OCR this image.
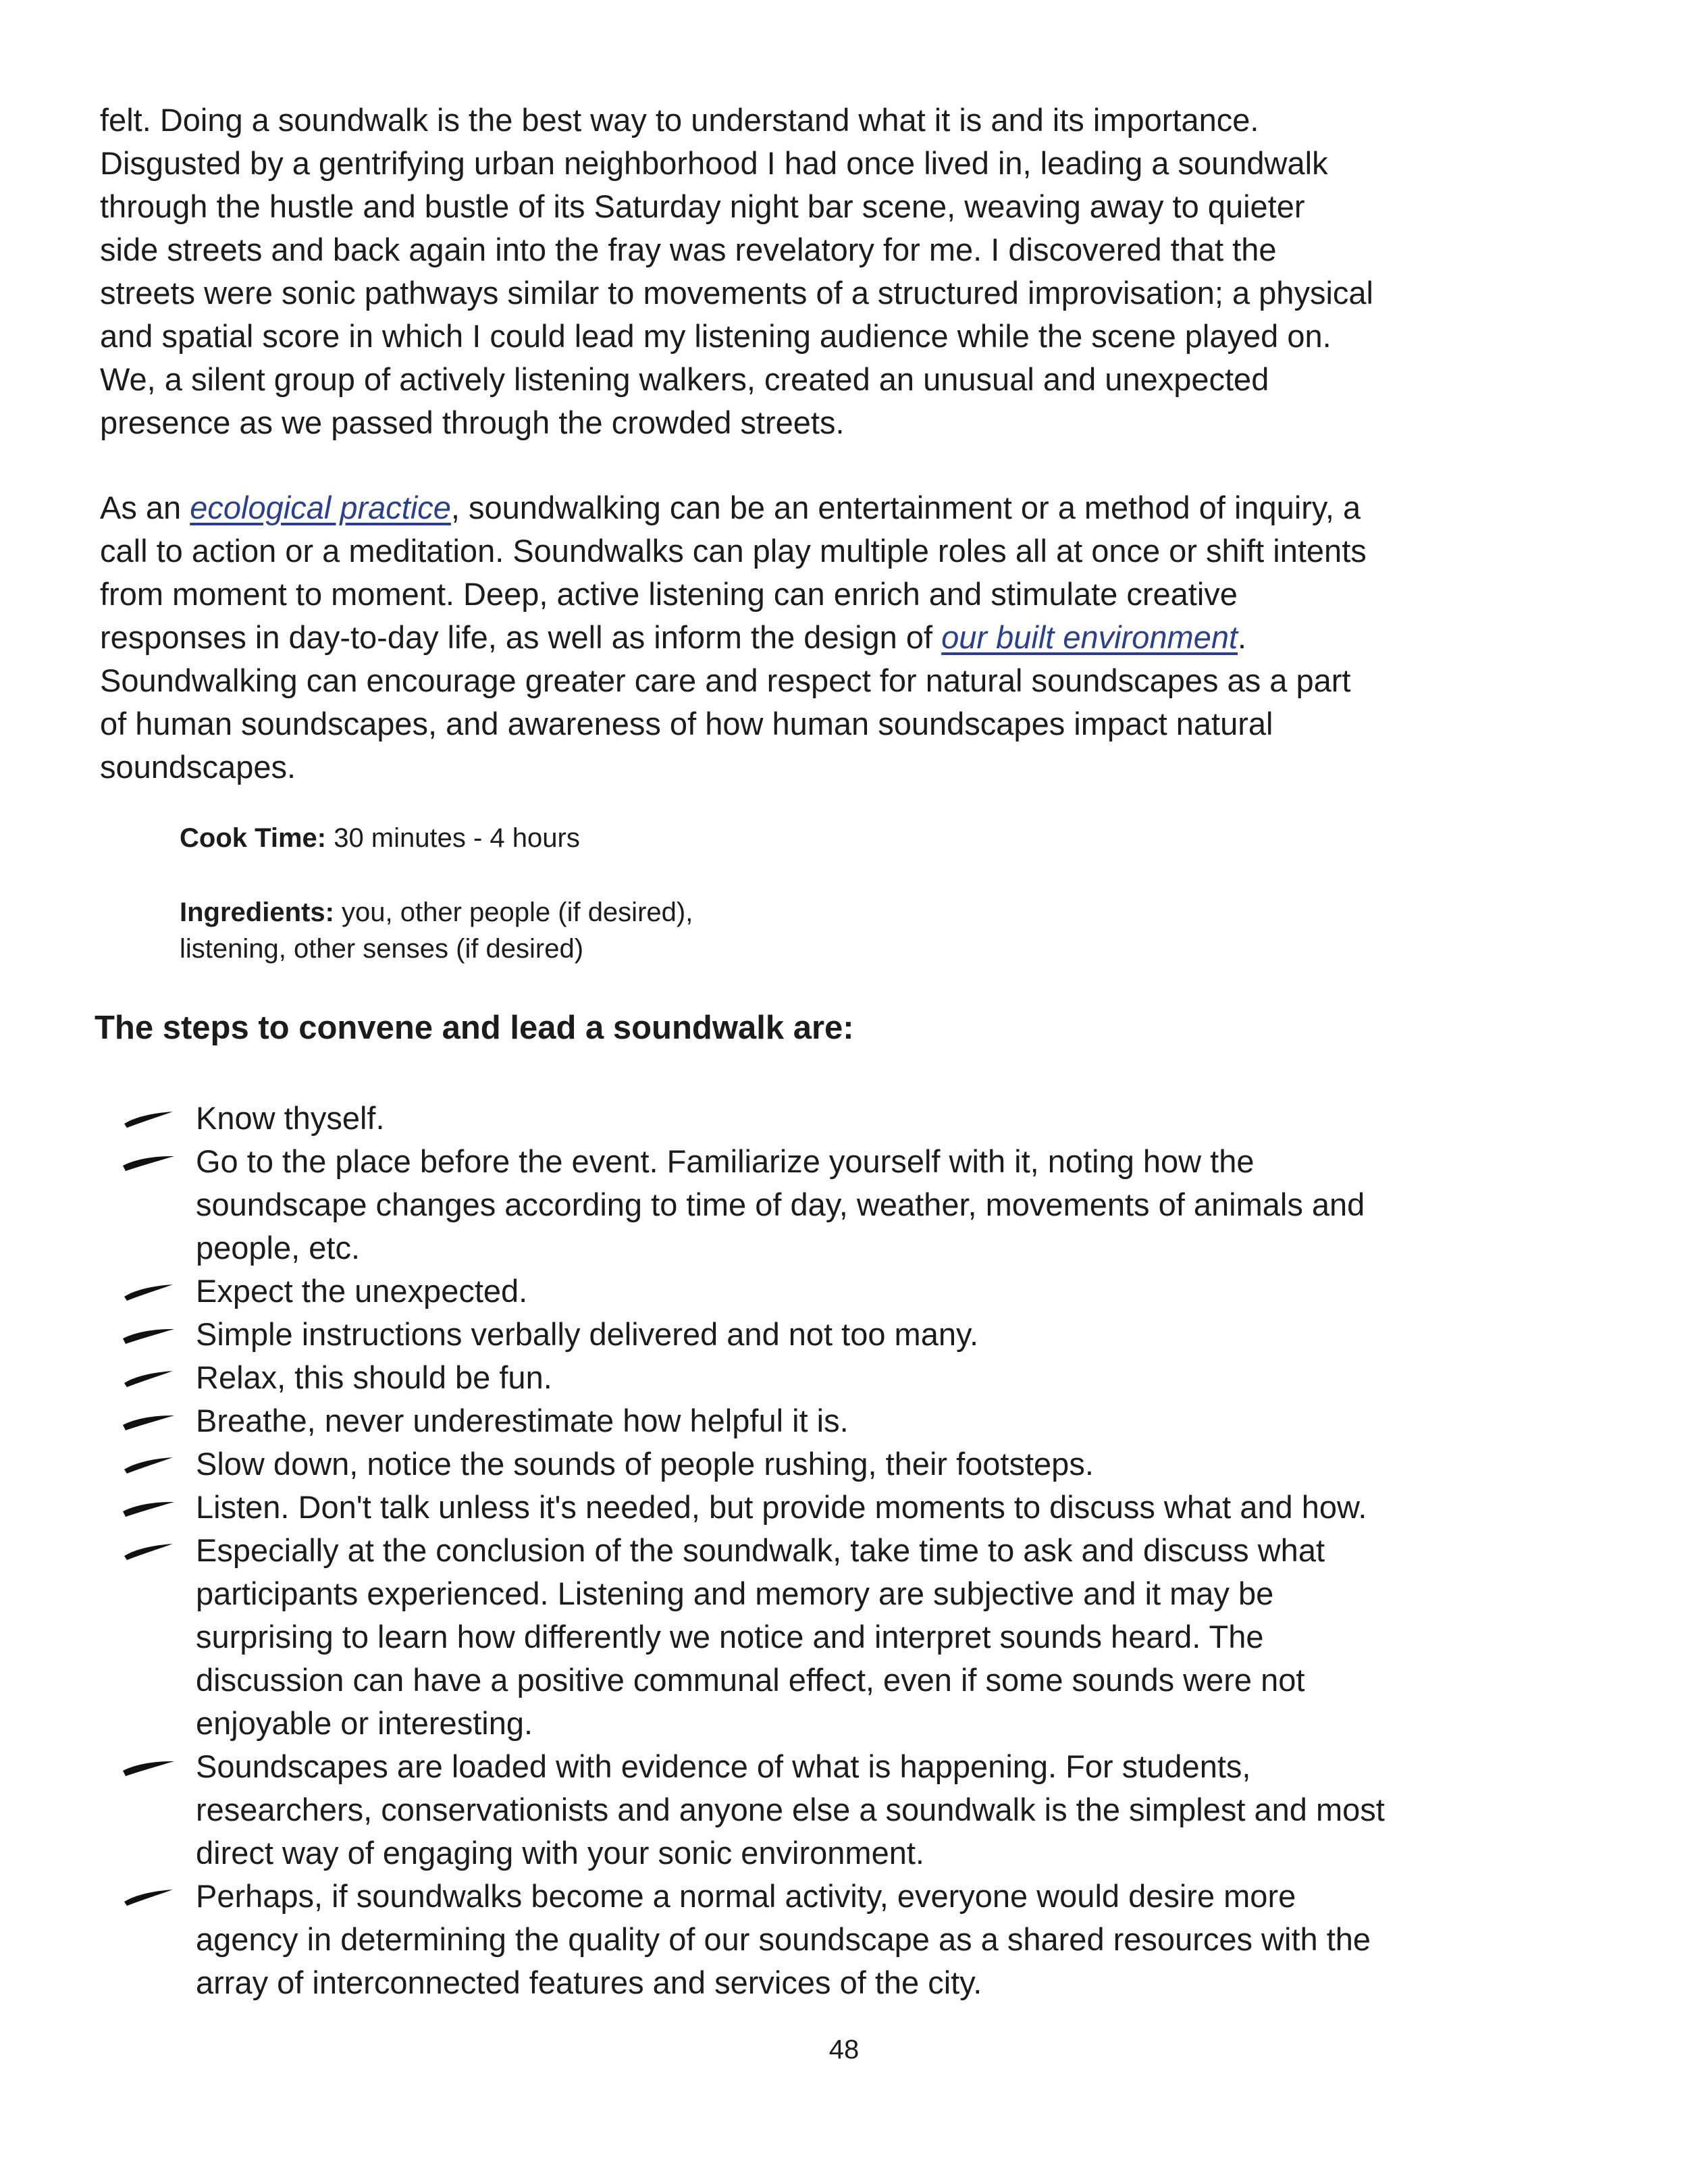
felt. Doing a soundwalk is the best way to understand what it is and its importance.
Disgusted by a gentrifying urban neighborhood I had once lived in, leading a soundwalk
through the hustle and bustle of its Saturday night bar scene, weaving away to quieter
side streets and back again into the fray was revelatory for me. I discovered that the
streets were sonic pathways similar to movements of a structured improvisation; a physical
and spatial score in which I could lead my listening audience while the scene played on.
We, a silent group of actively listening walkers, created an unusual and unexpected
presence as we passed through the crowded streets.

As an ecological practice, soundwalking can be an entertainment or a method of inquiry, a
call to action or a meditation. Soundwalks can play multiple roles all at once or shift intents
from moment to moment. Deep, active listening can enrich and stimulate creative
responses in day-to-day life, as well as inform the design of our built environment.
Soundwalking can encourage greater care and respect for natural soundscapes as a part
of human soundscapes, and awareness of how human soundscapes impact natural
soundscapes.

Cook Time: 30 minutes - 4 hours

Ingredients: you, other people (if desired),
listening, other senses (if desired)

The steps to convene and lead a soundwalk are:
Know thyself.
Go to the place before the event. Familiarize yourself with it, noting how the
soundscape changes according to time of day, weather, movements of animals and
people, etc.
Expect the unexpected.
Simple instructions verbally delivered and not too many.
Relax, this should be fun.
Breathe, never underestimate how helpful it is.
Slow down, notice the sounds of people rushing, their footsteps.
Listen. Don't talk unless it's needed, but provide moments to discuss what and how.
Especially at the conclusion of the soundwalk, take time to ask and discuss what
participants experienced. Listening and memory are subjective and it may be
surprising to learn how differently we notice and interpret sounds heard. The
discussion can have a positive communal effect, even if some sounds were not
enjoyable or interesting.
Soundscapes are loaded with evidence of what is happening. For students,
researchers, conservationists and anyone else a soundwalk is the simplest and most
direct way of engaging with your sonic environment.
Perhaps, if soundwalks become a normal activity, everyone would desire more
agency in determining the quality of our soundscape as a shared resources with the
array of interconnected features and services of the city.
48
